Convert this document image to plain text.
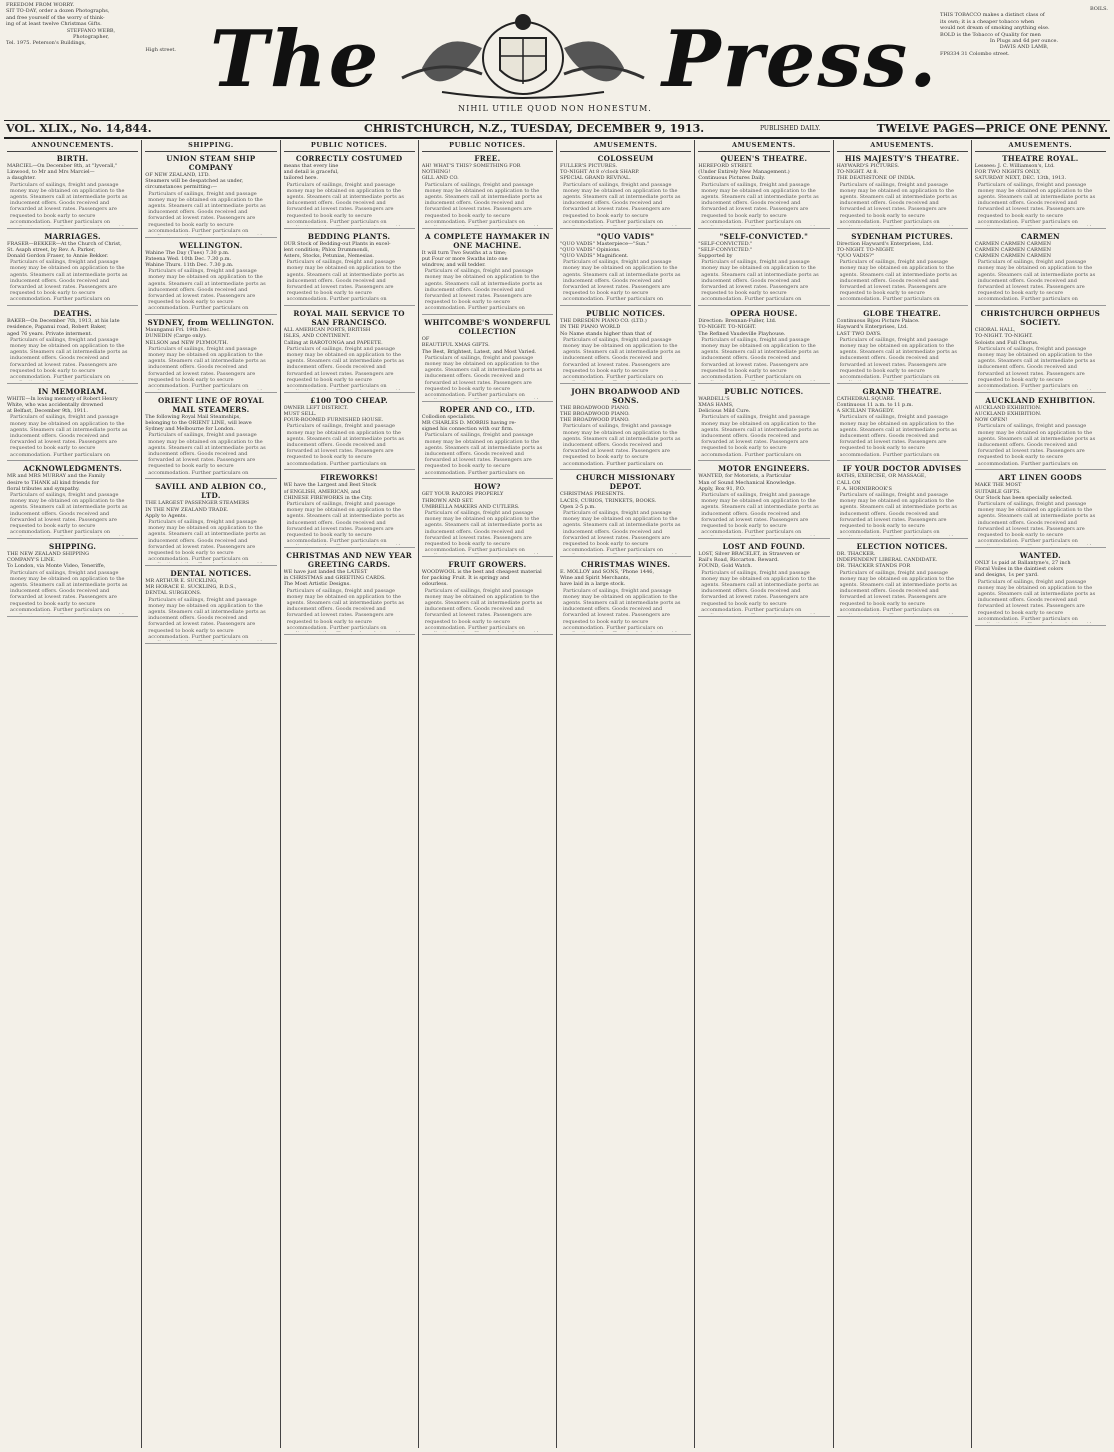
FREEDOM FROM WORRY.
SIT TO-DAY, order a dozen Photographs,
and free yourself of the worry of think-
ing of at least twelve Christmas Gifts.
STEFFANO WEBB,
Photographer,
Tel. 1975. Peterson's Buildings,
High street. The	Press.
BOILS.
THIS TOBACCO makes a distinct class of
its own; it is a cheaper tobacco when
would not dream of smoking anything else.
BOLD is the Tobacco of Quality for men
In Plugs and 6d per ounce.
DAVIS AND LAMB,
FP8334 31 Colombo street.
NIHIL UTILE QUOD NON HONESTUM.
VOL. XLIX., No. 14,844.	CHRISTCHURCH, N.Z., TUESDAY, DECEMBER 9, 1913.	PUBLISHED DAILY.	TWELVE PAGES—PRICE ONE PENNY.
ANNOUNCEMENTS.
BIRTH.
MARCIEL—On December 8th, at "Iyverall,"
Linwood, to Mr and Mrs Marciel—
a daughter.
Particulars of sailings, freight and passage money may be obtained on application to the agents. Steamers call at intermediate ports as inducement offers. Goods received and forwarded at lowest rates. Passengers are requested to book early to secure accommodation. Further particulars on
MARRIAGES.
FRASER—BEKKER—At the Church of Christ,
St. Asaph street, by Rev. A. Parker,
Donald Gordon Fraser, to Annie Bekker.
Particulars of sailings, freight and passage money may be obtained on application to the agents. Steamers call at intermediate ports as inducement offers. Goods received and forwarded at lowest rates. Passengers are requested to book early to secure accommodation. Further particulars on
DEATHS.
BAKER—On December 7th, 1913, at his late
residence, Papanui road, Robert Baker,
aged 76 years. Private interment.
Particulars of sailings, freight and passage money may be obtained on application to the agents. Steamers call at intermediate ports as inducement offers. Goods received and forwarded at lowest rates. Passengers are requested to book early to secure accommodation. Further particulars on
IN MEMORIAM.
WHITE—In loving memory of Robert Henry
White, who was accidentally drowned
at Belfast, December 9th, 1911.
Particulars of sailings, freight and passage money may be obtained on application to the agents. Steamers call at intermediate ports as inducement offers. Goods received and forwarded at lowest rates. Passengers are requested to book early to secure accommodation. Further particulars on
ACKNOWLEDGMENTS.
MR and MRS MURRAY and the Family
desire to THANK all kind friends for
floral tributes and sympathy.
Particulars of sailings, freight and passage money may be obtained on application to the agents. Steamers call at intermediate ports as inducement offers. Goods received and forwarded at lowest rates. Passengers are requested to book early to secure accommodation. Further particulars on
SHIPPING.
THE NEW ZEALAND SHIPPING
COMPANY'S LINE.
To London, via Monte Video, Teneriffe,
Particulars of sailings, freight and passage money may be obtained on application to the agents. Steamers call at intermediate ports as inducement offers. Goods received and forwarded at lowest rates. Passengers are requested to book early to secure accommodation. Further particulars on
SHIPPING.
UNION STEAM SHIP COMPANY
OF NEW ZEALAND, LTD.
Steamers will be despatched as under,
circumstances permitting:—
Particulars of sailings, freight and passage money may be obtained on application to the agents. Steamers call at intermediate ports as inducement offers. Goods received and forwarded at lowest rates. Passengers are requested to book early to secure accommodation. Further particulars on
WELLINGTON.
Wahine The Day (Tues) 7.30 p.m.
Pateena Wed. 10th Dec. 7.30 p.m.
Wahine Thurs. 11th Dec. 7.30 p.m.
Particulars of sailings, freight and passage money may be obtained on application to the agents. Steamers call at intermediate ports as inducement offers. Goods received and forwarded at lowest rates. Passengers are requested to book early to secure accommodation. Further particulars on
SYDNEY, from WELLINGTON.
Maunganui Fri. 19th Dec.
DUNEDIN (Cargo only).
NELSON and NEW PLYMOUTH.
Particulars of sailings, freight and passage money may be obtained on application to the agents. Steamers call at intermediate ports as inducement offers. Goods received and forwarded at lowest rates. Passengers are requested to book early to secure accommodation. Further particulars on
ORIENT LINE OF ROYAL MAIL STEAMERS.
The following Royal Mail Steamships,
belonging to the ORIENT LINE, will leave
Sydney and Melbourne for London.
Particulars of sailings, freight and passage money may be obtained on application to the agents. Steamers call at intermediate ports as inducement offers. Goods received and forwarded at lowest rates. Passengers are requested to book early to secure accommodation. Further particulars on
SAVILL AND ALBION CO., LTD.
THE LARGEST PASSENGER STEAMERS
IN THE NEW ZEALAND TRADE.
Apply to Agents.
Particulars of sailings, freight and passage money may be obtained on application to the agents. Steamers call at intermediate ports as inducement offers. Goods received and forwarded at lowest rates. Passengers are requested to book early to secure accommodation. Further particulars on
DENTAL NOTICES.
MR ARTHUR E. SUCKLING,
MR HORACE E. SUCKLING, B.D.S.,
DENTAL SURGEONS.
Particulars of sailings, freight and passage money may be obtained on application to the agents. Steamers call at intermediate ports as inducement offers. Goods received and forwarded at lowest rates. Passengers are requested to book early to secure accommodation. Further particulars on
PUBLIC NOTICES.
CORRECTLY COSTUMED
means that every line
and detail is graceful,
tailored here.
Particulars of sailings, freight and passage money may be obtained on application to the agents. Steamers call at intermediate ports as inducement offers. Goods received and forwarded at lowest rates. Passengers are requested to book early to secure accommodation. Further particulars on
BEDDING PLANTS.
OUR Stock of Bedding-out Plants in excel-
lent condition; Phlox Drummondi,
Asters, Stocks, Petunias, Nemesias.
Particulars of sailings, freight and passage money may be obtained on application to the agents. Steamers call at intermediate ports as inducement offers. Goods received and forwarded at lowest rates. Passengers are requested to book early to secure accommodation. Further particulars on
ROYAL MAIL SERVICE TO SAN FRANCISCO.
ALL AMERICAN PORTS, BRITISH
ISLES, AND CONTINENT.
Calling at RAROTONGA and PAPEETE.
Particulars of sailings, freight and passage money may be obtained on application to the agents. Steamers call at intermediate ports as inducement offers. Goods received and forwarded at lowest rates. Passengers are requested to book early to secure accommodation. Further particulars on
£100 TOO CHEAP.
OWNER LEFT DISTRICT.
MUST SELL.
FOUR-ROOMED FURNISHED HOUSE.
Particulars of sailings, freight and passage money may be obtained on application to the agents. Steamers call at intermediate ports as inducement offers. Goods received and forwarded at lowest rates. Passengers are requested to book early to secure accommodation. Further particulars on
FIREWORKS!
WE have the Largest and Best Stock
of ENGLISH, AMERICAN, and
CHINESE FIREWORKS in the City.
Particulars of sailings, freight and passage money may be obtained on application to the agents. Steamers call at intermediate ports as inducement offers. Goods received and forwarded at lowest rates. Passengers are requested to book early to secure accommodation. Further particulars on
CHRISTMAS AND NEW YEAR GREETING CARDS.
WE have just landed the LATEST
in CHRISTMAS and GREETING CARDS.
The Most Artistic Designs.
Particulars of sailings, freight and passage money may be obtained on application to the agents. Steamers call at intermediate ports as inducement offers. Goods received and forwarded at lowest rates. Passengers are requested to book early to secure accommodation. Further particulars on
PUBLIC NOTICES.
FREE.
AH! WHAT'S THIS? SOMETHING FOR
NOTHING!
GILL AND CO.
Particulars of sailings, freight and passage money may be obtained on application to the agents. Steamers call at intermediate ports as inducement offers. Goods received and forwarded at lowest rates. Passengers are requested to book early to secure accommodation. Further particulars on
A COMPLETE HAYMAKER IN ONE MACHINE.
It will turn Two Swaths at a time;
put Four or more Swaths into one
windrow, and will tedder.
Particulars of sailings, freight and passage money may be obtained on application to the agents. Steamers call at intermediate ports as inducement offers. Goods received and forwarded at lowest rates. Passengers are requested to book early to secure accommodation. Further particulars on
WHITCOMBE'S WONDERFUL COLLECTION
OF
BEAUTIFUL XMAS GIFTS.
The Best, Brightest, Latest, and Most Varied.
Particulars of sailings, freight and passage money may be obtained on application to the agents. Steamers call at intermediate ports as inducement offers. Goods received and forwarded at lowest rates. Passengers are requested to book early to secure accommodation. Further particulars on
ROPER AND CO., LTD.
Collodion specialists.
MR CHARLES D. MORRIS having re-
signed his connection with our firm.
Particulars of sailings, freight and passage money may be obtained on application to the agents. Steamers call at intermediate ports as inducement offers. Goods received and forwarded at lowest rates. Passengers are requested to book early to secure accommodation. Further particulars on
HOW?
GET YOUR RAZORS PROPERLY
THROWN AND SET.
UMBRELLA MAKERS AND CUTLERS.
Particulars of sailings, freight and passage money may be obtained on application to the agents. Steamers call at intermediate ports as inducement offers. Goods received and forwarded at lowest rates. Passengers are requested to book early to secure accommodation. Further particulars on
FRUIT GROWERS.
WOODWOOL is the best and cheapest material
for packing Fruit. It is springy and
odourless.
Particulars of sailings, freight and passage money may be obtained on application to the agents. Steamers call at intermediate ports as inducement offers. Goods received and forwarded at lowest rates. Passengers are requested to book early to secure accommodation. Further particulars on
AMUSEMENTS.
COLOSSEUM
FULLER'S PICTURES.
TO-NIGHT At 8 o'clock SHARP.
SPECIAL GRAND REVIVAL.
Particulars of sailings, freight and passage money may be obtained on application to the agents. Steamers call at intermediate ports as inducement offers. Goods received and forwarded at lowest rates. Passengers are requested to book early to secure accommodation. Further particulars on
"QUO VADIS"
"QUO VADIS" Masterpiece—"Sun."
"QUO VADIS" Opinions.
"QUO VADIS" Magnificent.
Particulars of sailings, freight and passage money may be obtained on application to the agents. Steamers call at intermediate ports as inducement offers. Goods received and forwarded at lowest rates. Passengers are requested to book early to secure accommodation. Further particulars on
PUBLIC NOTICES.
THE DRESDEN PIANO CO. (LTD.)
IN THE PIANO WORLD
No Name stands higher than that of
Particulars of sailings, freight and passage money may be obtained on application to the agents. Steamers call at intermediate ports as inducement offers. Goods received and forwarded at lowest rates. Passengers are requested to book early to secure accommodation. Further particulars on
JOHN BROADWOOD AND SONS.
THE BROADWOOD PIANO.
THE BROADWOOD PIANO.
THE BROADWOOD PIANO.
Particulars of sailings, freight and passage money may be obtained on application to the agents. Steamers call at intermediate ports as inducement offers. Goods received and forwarded at lowest rates. Passengers are requested to book early to secure accommodation. Further particulars on
CHURCH MISSIONARY DEPOT.
CHRISTMAS PRESENTS.
LACES, CURIOS, TRINKETS, BOOKS.
Open 2-5 p.m.
Particulars of sailings, freight and passage money may be obtained on application to the agents. Steamers call at intermediate ports as inducement offers. Goods received and forwarded at lowest rates. Passengers are requested to book early to secure accommodation. Further particulars on
CHRISTMAS WINES.
E. MOLLOY and SONS, 'Phone 1446,
Wine and Spirit Merchants,
have laid in a large stock.
Particulars of sailings, freight and passage money may be obtained on application to the agents. Steamers call at intermediate ports as inducement offers. Goods received and forwarded at lowest rates. Passengers are requested to book early to secure accommodation. Further particulars on
AMUSEMENTS.
QUEEN'S THEATRE.
HEREFORD STREET.
(Under Entirely New Management.)
Continuous Pictures Daily.
Particulars of sailings, freight and passage money may be obtained on application to the agents. Steamers call at intermediate ports as inducement offers. Goods received and forwarded at lowest rates. Passengers are requested to book early to secure accommodation. Further particulars on
"SELF-CONVICTED."
"SELF-CONVICTED."
"SELF-CONVICTED."
Supported by
Particulars of sailings, freight and passage money may be obtained on application to the agents. Steamers call at intermediate ports as inducement offers. Goods received and forwarded at lowest rates. Passengers are requested to book early to secure accommodation. Further particulars on
OPERA HOUSE.
Direction: Brennan-Fuller, Ltd.
TO-NIGHT. TO-NIGHT.
The Refined Vaudeville Playhouse.
Particulars of sailings, freight and passage money may be obtained on application to the agents. Steamers call at intermediate ports as inducement offers. Goods received and forwarded at lowest rates. Passengers are requested to book early to secure accommodation. Further particulars on
PUBLIC NOTICES.
WARDELL'S
XMAS HAMS,
Delicious Mild Cure.
Particulars of sailings, freight and passage money may be obtained on application to the agents. Steamers call at intermediate ports as inducement offers. Goods received and forwarded at lowest rates. Passengers are requested to book early to secure accommodation. Further particulars on
MOTOR ENGINEERS.
WANTED, for Motorists, a Particular
Man of Sound Mechanical Knowledge.
Apply, Box 91, P.O.
Particulars of sailings, freight and passage money may be obtained on application to the agents. Steamers call at intermediate ports as inducement offers. Goods received and forwarded at lowest rates. Passengers are requested to book early to secure accommodation. Further particulars on
LOST AND FOUND.
LOST, Silver BRACELET, in Strawven or
Rail's Road, Riccarton. Reward.
FOUND, Gold Watch.
Particulars of sailings, freight and passage money may be obtained on application to the agents. Steamers call at intermediate ports as inducement offers. Goods received and forwarded at lowest rates. Passengers are requested to book early to secure accommodation. Further particulars on
AMUSEMENTS.
HIS MAJESTY'S THEATRE.
HAYWARD'S PICTURES.
TO-NIGHT. At 8.
THE DEATHSTONE OF INDIA.
Particulars of sailings, freight and passage money may be obtained on application to the agents. Steamers call at intermediate ports as inducement offers. Goods received and forwarded at lowest rates. Passengers are requested to book early to secure accommodation. Further particulars on
SYDENHAM PICTURES.
Direction Hayward's Enterprises, Ltd.
TO-NIGHT. TO-NIGHT.
"QUO VADIS?"
Particulars of sailings, freight and passage money may be obtained on application to the agents. Steamers call at intermediate ports as inducement offers. Goods received and forwarded at lowest rates. Passengers are requested to book early to secure accommodation. Further particulars on
GLOBE THEATRE.
Continuous Bijou Picture Palace.
Hayward's Enterprises, Ltd.
LAST TWO DAYS.
Particulars of sailings, freight and passage money may be obtained on application to the agents. Steamers call at intermediate ports as inducement offers. Goods received and forwarded at lowest rates. Passengers are requested to book early to secure accommodation. Further particulars on
GRAND THEATRE.
CATHEDRAL SQUARE.
Continuous 11 a.m. to 11 p.m.
A SICILIAN TRAGEDY.
Particulars of sailings, freight and passage money may be obtained on application to the agents. Steamers call at intermediate ports as inducement offers. Goods received and forwarded at lowest rates. Passengers are requested to book early to secure accommodation. Further particulars on
IF YOUR DOCTOR ADVISES
BATHS, EXERCISE, OR MASSAGE,
CALL ON
F. A. HORNIBROOK'S
Particulars of sailings, freight and passage money may be obtained on application to the agents. Steamers call at intermediate ports as inducement offers. Goods received and forwarded at lowest rates. Passengers are requested to book early to secure accommodation. Further particulars on
ELECTION NOTICES.
DR. THACKER.
INDEPENDENT LIBERAL CANDIDATE.
DR. THACKER STANDS FOR
Particulars of sailings, freight and passage money may be obtained on application to the agents. Steamers call at intermediate ports as inducement offers. Goods received and forwarded at lowest rates. Passengers are requested to book early to secure accommodation. Further particulars on
AMUSEMENTS.
THEATRE ROYAL.
Lessees: J. C. Williamson's, Ltd.
FOR TWO NIGHTS ONLY,
SATURDAY NEXT, DEC. 13th, 1913.
Particulars of sailings, freight and passage money may be obtained on application to the agents. Steamers call at intermediate ports as inducement offers. Goods received and forwarded at lowest rates. Passengers are requested to book early to secure accommodation. Further particulars on
CARMEN
CARMEN CARMEN CARMEN
CARMEN CARMEN CARMEN
CARMEN CARMEN CARMEN
Particulars of sailings, freight and passage money may be obtained on application to the agents. Steamers call at intermediate ports as inducement offers. Goods received and forwarded at lowest rates. Passengers are requested to book early to secure accommodation. Further particulars on
CHRISTCHURCH ORPHEUS SOCIETY.
CHORAL HALL,
TO-NIGHT. TO-NIGHT.
Soloists and Full Chorus.
Particulars of sailings, freight and passage money may be obtained on application to the agents. Steamers call at intermediate ports as inducement offers. Goods received and forwarded at lowest rates. Passengers are requested to book early to secure accommodation. Further particulars on
AUCKLAND EXHIBITION.
AUCKLAND EXHIBITION.
AUCKLAND EXHIBITION.
NOW OPEN!
Particulars of sailings, freight and passage money may be obtained on application to the agents. Steamers call at intermediate ports as inducement offers. Goods received and forwarded at lowest rates. Passengers are requested to book early to secure accommodation. Further particulars on
ART LINEN GOODS
MAKE THE MOST
SUITABLE GIFTS.
Our Stock has been specially selected.
Particulars of sailings, freight and passage money may be obtained on application to the agents. Steamers call at intermediate ports as inducement offers. Goods received and forwarded at lowest rates. Passengers are requested to book early to secure accommodation. Further particulars on
WANTED.
ONLY 1s paid at Ballantyne's, 27 inch
Floral Voiles in the daintiest colors
and designs, 1s per yard.
Particulars of sailings, freight and passage money may be obtained on application to the agents. Steamers call at intermediate ports as inducement offers. Goods received and forwarded at lowest rates. Passengers are requested to book early to secure accommodation. Further particulars on
